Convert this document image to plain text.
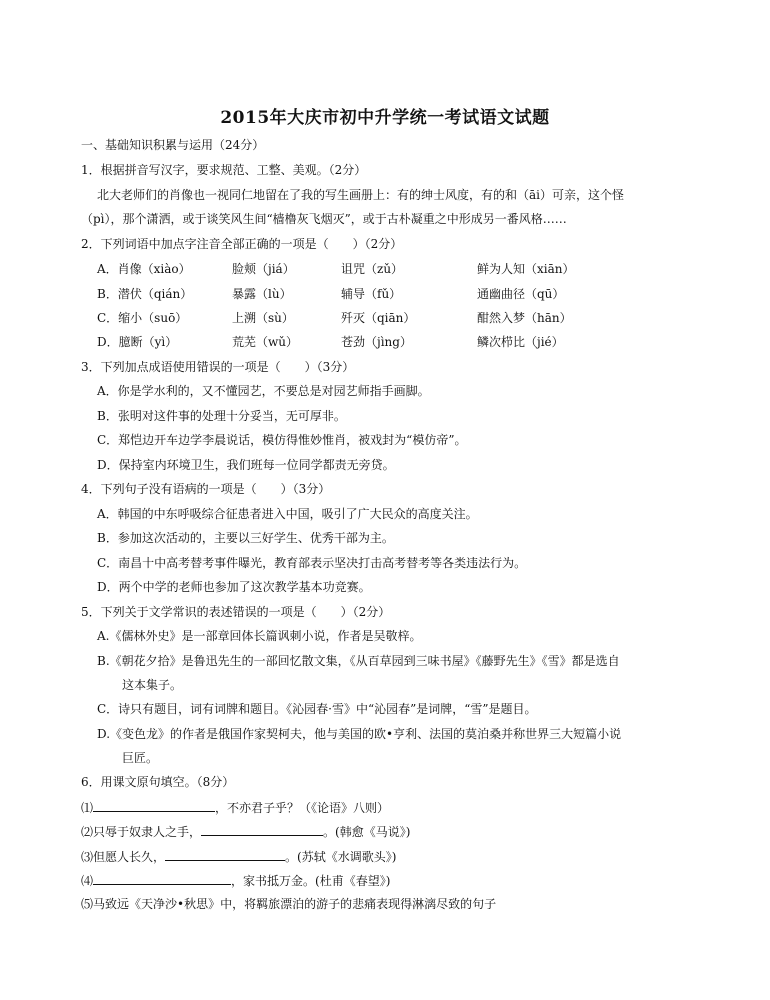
2015年大庆市初中升学统一考试语文试题
一、基础知识积累与运用（24分）
1．根据拼音写汉字，要求规范、工整、美观。（2分）
北大老师们的肖像也一视同仁地留在了我的写生画册上：有的绅士风度，有的和（āi）可亲，这个怪
（pì），那个潇洒，或于谈笑风生间“樯橹灰飞烟灭”，或于古朴凝重之中形成另一番风格……
2．下列词语中加点字注音全部正确的一项是（　　）（2分）
A．肖像（xiào）	脸颊（jiá）	诅咒（zǔ）	鲜为人知（xiān）
B．潜伏（qián）	暴露（lù）	辅导（fǔ）	通幽曲径（qū）
C．缩小（suō）	上溯（sù）	歼灭（qiān）	酣然入梦（hān）
D．臆断（yì）	荒芜（wǔ）	苍劲（jìng）	鳞次栉比（jié）
3．下列加点成语使用错误的一项是（　　）（3分）
A．你是学水利的，又不懂园艺，不要总是对园艺师指手画脚。
B．张明对这件事的处理十分妥当，无可厚非。
C．郑恺边开车边学李晨说话，模仿得惟妙惟肖，被戏封为“模仿帝”。
D．保持室内环境卫生，我们班每一位同学都责无旁贷。
4．下列句子没有语病的一项是（　　）（3分）
A．韩国的中东呼吸综合征患者进入中国，吸引了广大民众的高度关注。
B．参加这次活动的，主要以三好学生、优秀干部为主。
C．南昌十中高考替考事件曝光，教育部表示坚决打击高考替考等各类违法行为。
D．两个中学的老师也参加了这次教学基本功竞赛。
5．下列关于文学常识的表述错误的一项是（　　）（2分）
A.《儒林外史》是一部章回体长篇讽刺小说，作者是吴敬梓。
B.《朝花夕拾》是鲁迅先生的一部回忆散文集，《从百草园到三味书屋》《藤野先生》《雪》都是选自
这本集子。
C．诗只有题目，词有词牌和题目。《沁园春·雪》中“沁园春”是词牌，“雪”是题目。
D.《变色龙》的作者是俄国作家契柯夫，他与美国的欧•亨利、法国的莫泊桑并称世界三大短篇小说
巨匠。
6．用课文原句填空。（8分）
⑴	，不亦君子乎？（《论语》八则）
⑵只辱于奴隶人之手，	。(韩愈《马说》)
⑶但愿人长久，	。(苏轼《水调歌头》)
⑷	，家书抵万金。(杜甫《春望》)
⑸马致远《天净沙•秋思》中，将羁旅漂泊的游子的悲痛表现得淋漓尽致的句子
